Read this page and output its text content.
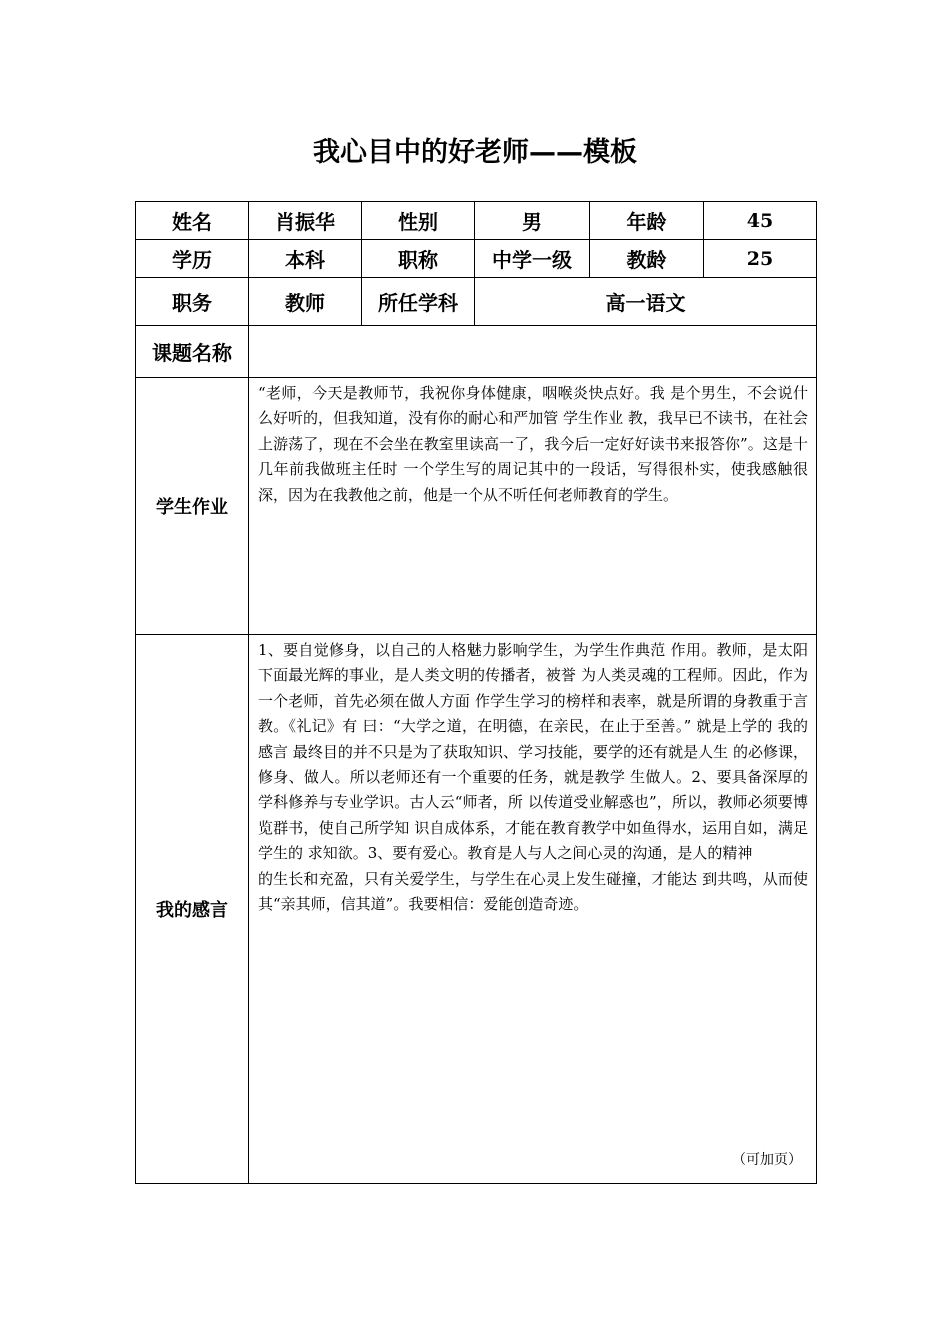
我心目中的好老师——模板
姓名	肖振华	性别	男	年龄	45
学历	本科	职称	中学一级	教龄	25
职务	教师	所任学科	高一语文		
课题名称					
学生作业	“老师，今天是教师节，我祝你身体健康，咽喉炎快点好。我 是个男生，不会说什么好听的，但我知道，没有你的耐心和严加管 学生作业 教，我早已不读书，在社会上游荡了，现在不会坐在教室里读高一了，我今后一定好好读书来报答你”。这是十几年前我做班主任时 一个学生写的周记其中的一段话，写得很朴实，使我感触很深，因为在我教他之前，他是一个从不听任何老师教育的学生。				

我的感言	1、要自觉修身，以自己的人格魅力影响学生，为学生作典范 作用。教师，是太阳下面最光辉的事业，是人类文明的传播者，被誉 为人类灵魂的工程师。因此，作为一个老师，首先必须在做人方面 作学生学习的榜样和表率，就是所谓的身教重于言教。《礼记》有 曰：“大学之道，在明德，在亲民，在止于至善。” 就是上学的 我的感言 最终目的并不只是为了获取知识、学习技能，要学的还有就是人生 的必修课，修身、做人。所以老师还有一个重要的任务，就是教学 生做人。2、要具备深厚的学科修养与专业学识。古人云“师者，所 以传道受业解惑也”，所以，教师必须要博览群书，使自己所学知 识自成体系，才能在教育教学中如鱼得水，运用自如，满足学生的 求知欲。3、要有爱心。教育是人与人之间心灵的沟通，是人的精神

的生长和充盈，只有关爱学生，与学生在心灵上发生碰撞，才能达 到共鸣，从而使其“亲其师，信其道”。我要相信：爱能创造奇迹。

（可加页）				
